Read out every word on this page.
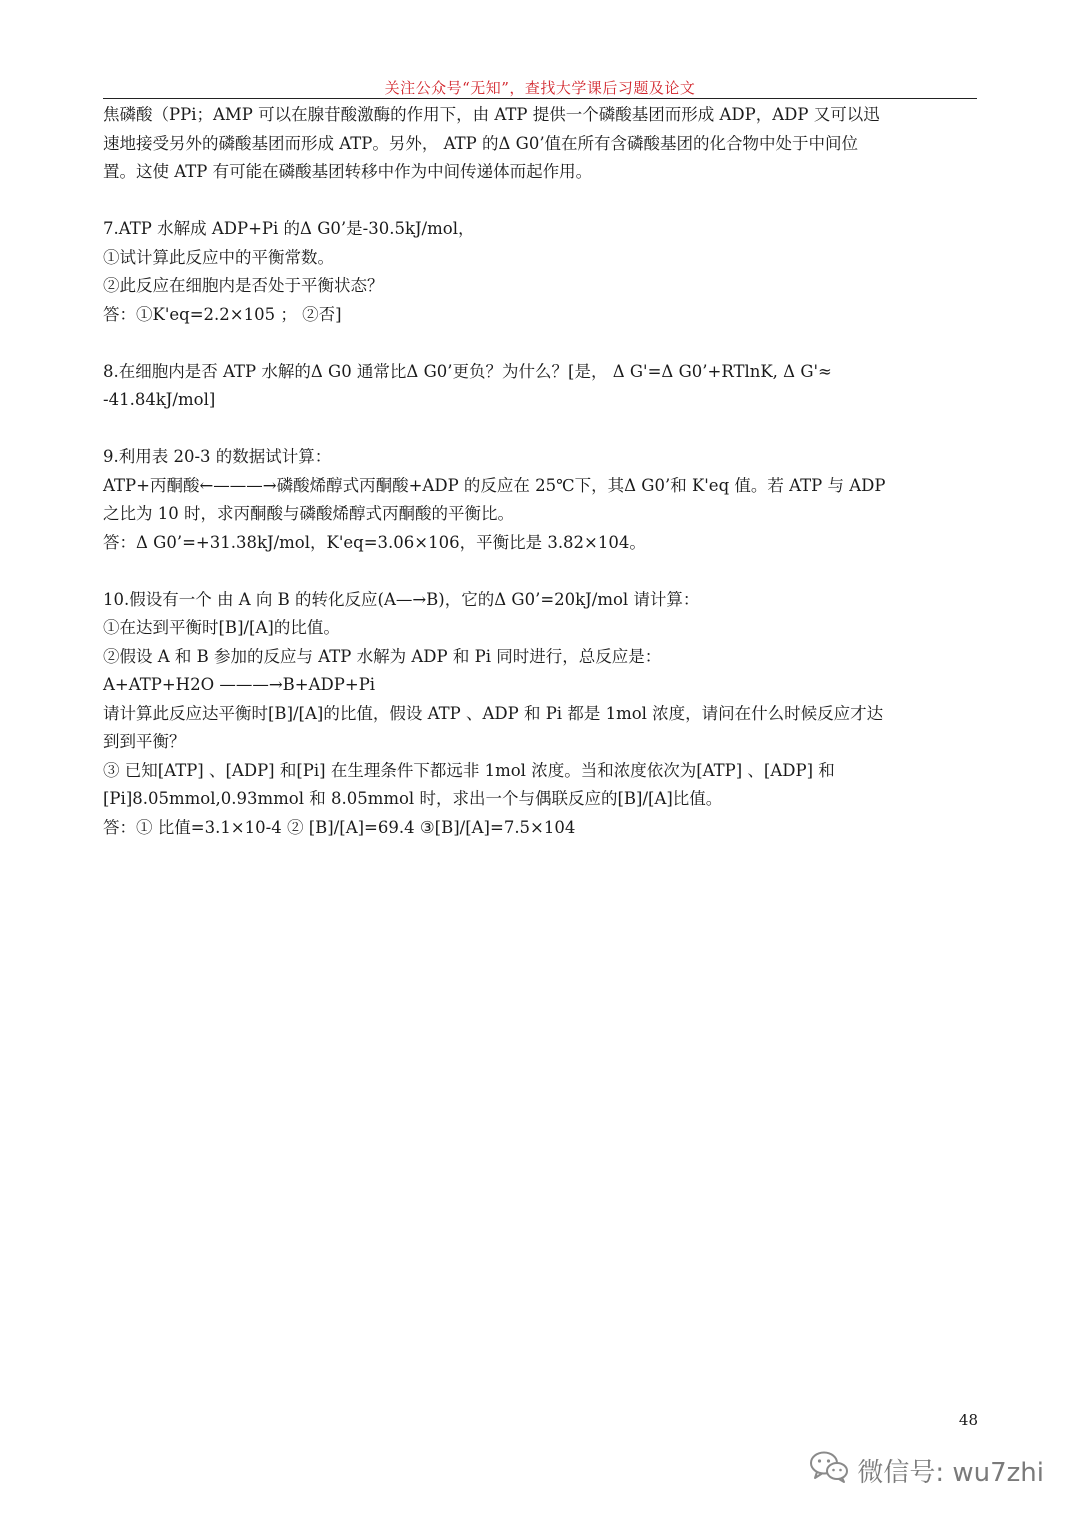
关注公众号“无知”，查找大学课后习题及论文
焦磷酸（PPi；AMP 可以在腺苷酸激酶的作用下，由 ATP 提供一个磷酸基团而形成 ADP，ADP 又可以迅
速地接受另外的磷酸基团而形成 ATP。另外， ATP 的Δ G0’值在所有含磷酸基团的化合物中处于中间位
置。这使 ATP 有可能在磷酸基团转移中作为中间传递体而起作用。
7.ATP 水解成 ADP+Pi 的Δ G0’是-30.5kJ/mol，
①试计算此反应中的平衡常数。
②此反应在细胞内是否处于平衡状态？
答：①K'eq=2.2×105 ； ②否]
8.在细胞内是否 ATP 水解的Δ G0 通常比Δ G0’更负？为什么？[是， Δ G'=Δ G0’+RTlnK, Δ G'≈
-41.84kJ/mol]
9.利用表 20-3 的数据试计算：
ATP+丙酮酸←———→磷酸烯醇式丙酮酸+ADP 的反应在 25℃下，其Δ G0’和 K'eq 值。若 ATP 与 ADP
之比为 10 时，求丙酮酸与磷酸烯醇式丙酮酸的平衡比。
答：Δ G0’=+31.38kJ/mol，K'eq=3.06×106，平衡比是 3.82×104。
10.假设有一个 由 A 向 B 的转化反应(A—→B)，它的Δ G0’=20kJ/mol 请计算：
①在达到平衡时[B]/[A]的比值。
②假设 A 和 B 参加的反应与 ATP 水解为 ADP 和 Pi 同时进行，总反应是：
A+ATP+H2O ———→B+ADP+Pi
请计算此反应达平衡时[B]/[A]的比值，假设 ATP 、ADP 和 Pi 都是 1mol 浓度，请问在什么时候反应才达
到到平衡？
③ 已知[ATP] 、[ADP] 和[Pi] 在生理条件下都远非 1mol 浓度。当和浓度依次为[ATP] 、[ADP] 和
[Pi]8.05mmol,0.93mmol 和 8.05mmol 时，求出一个与偶联反应的[B]/[A]比值。
答：① 比值=3.1×10-4 ② [B]/[A]=69.4 ③[B]/[A]=7.5×104
48
微信号: wu7zhi
